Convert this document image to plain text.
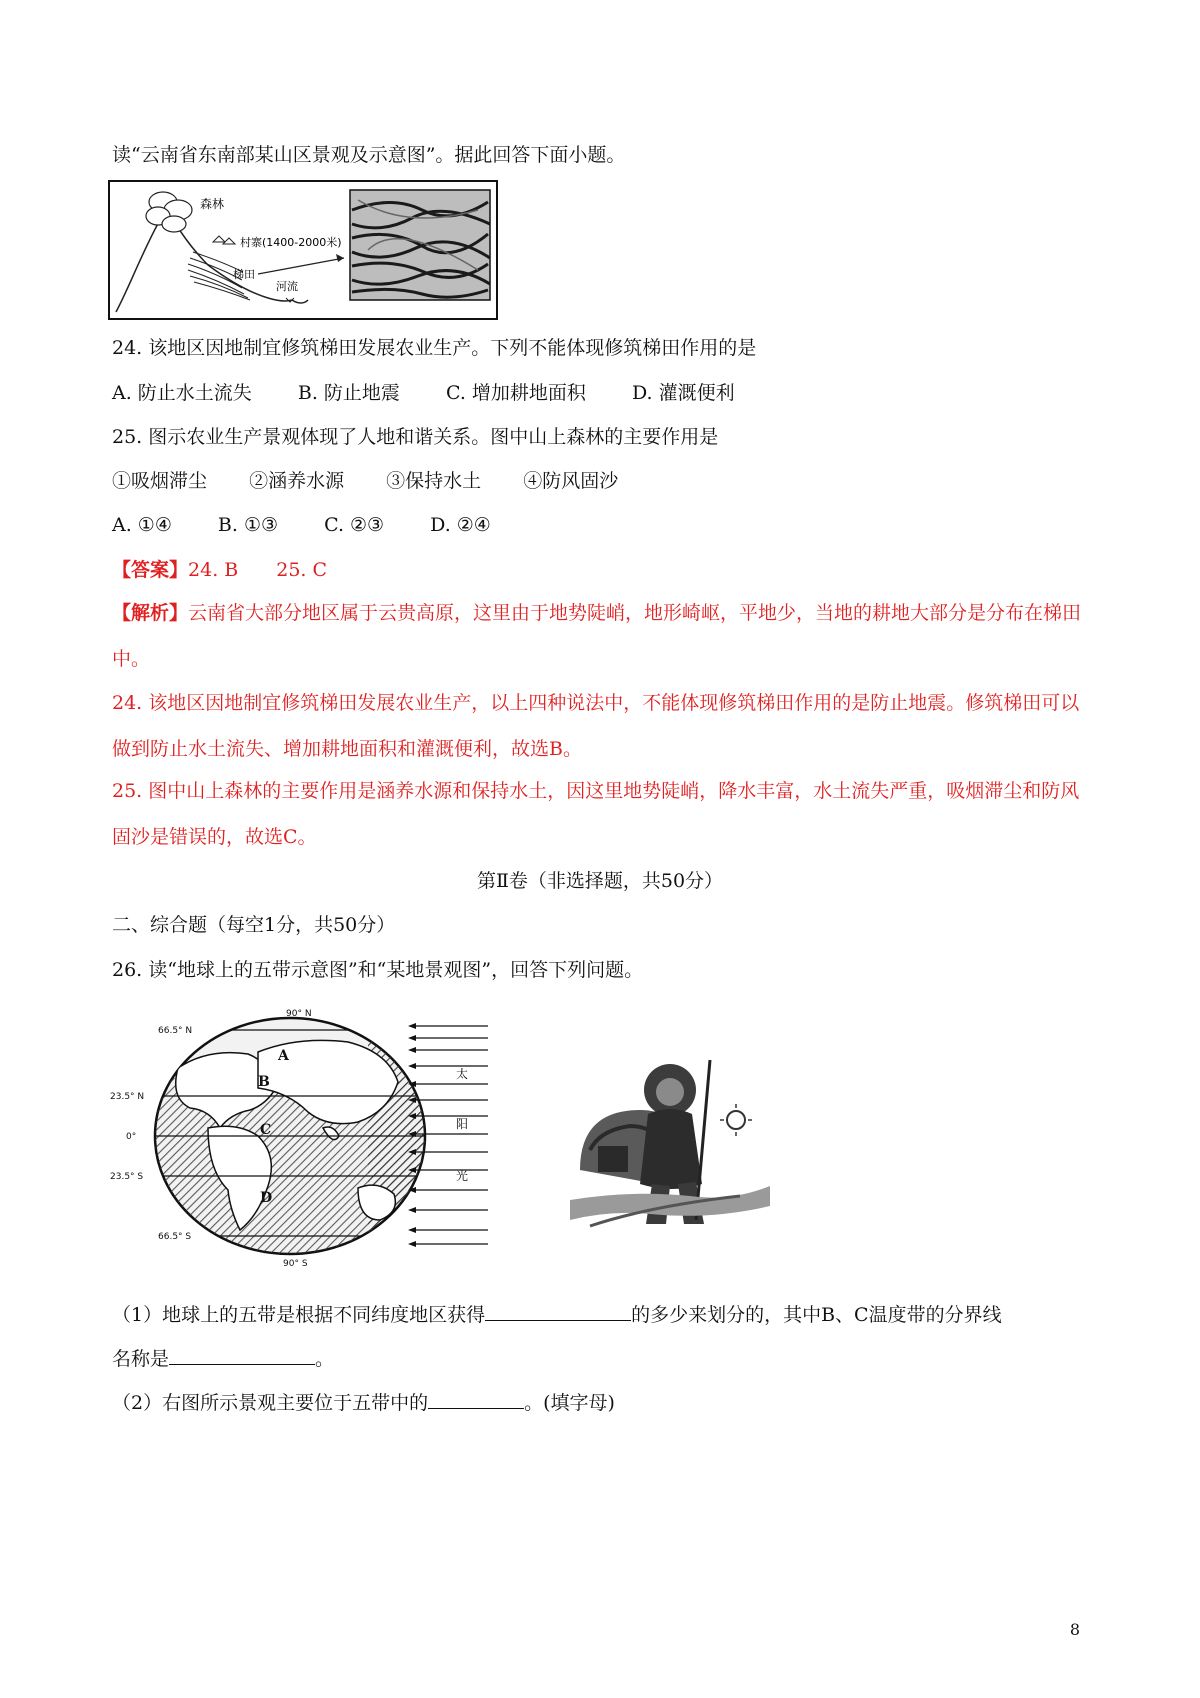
读“云南省东南部某山区景观及示意图”。据此回答下面小题。
森林
村寨(1400-2000米)
梯田
河流
24. 该地区因地制宜修筑梯田发展农业生产。下列不能体现修筑梯田作用的是
A. 防止水土流失 B. 防止地震 C. 增加耕地面积 D. 灌溉便利
25. 图示农业生产景观体现了人地和谐关系。图中山上森林的主要作用是
①吸烟滞尘 ②涵养水源 ③保持水土 ④防风固沙
A. ①④ B. ①③ C. ②③ D. ②④
【答案】24. B　　25. C
【解析】云南省大部分地区属于云贵高原，这里由于地势陡峭，地形崎岖，平地少，当地的耕地大部分是分布在梯田中。
24. 该地区因地制宜修筑梯田发展农业生产，以上四种说法中，不能体现修筑梯田作用的是防止地震。修筑梯田可以做到防止水土流失、增加耕地面积和灌溉便利，故选B。
25. 图中山上森林的主要作用是涵养水源和保持水土，因这里地势陡峭，降水丰富，水土流失严重，吸烟滞尘和防风固沙是错误的，故选C。
第Ⅱ卷（非选择题，共50分）
二、综合题（每空1分，共50分）
26. 读“地球上的五带示意图”和“某地景观图”，回答下列问题。
90° N
66.5° N
23.5° N
0°
23.5° S
66.5° S
90° S
A
B
C
D
太
阳
光
（1）地球上的五带是根据不同纬度地区获得	的多少来划分的，其中B、C温度带的分界线
名称是	。
（2）右图所示景观主要位于五带中的	。(填字母)
8
